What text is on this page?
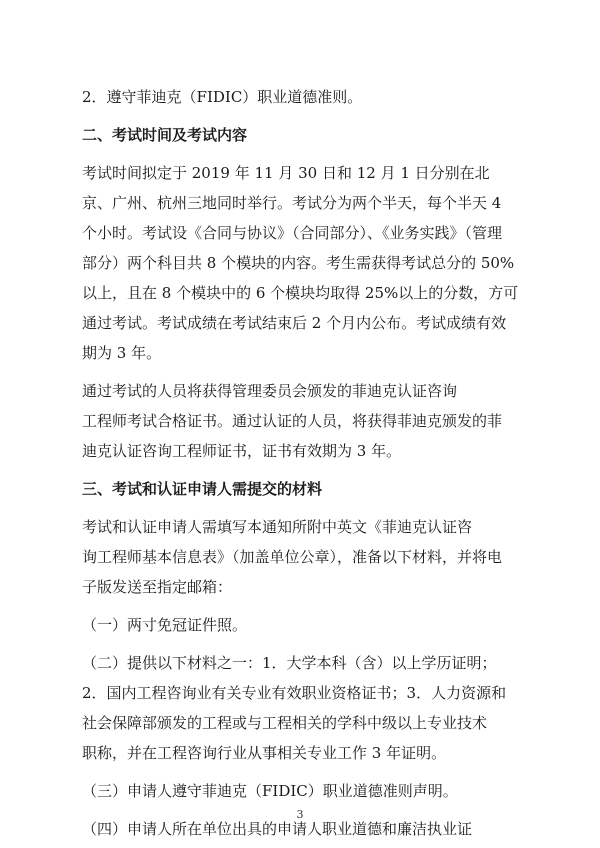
2．遵守菲迪克（FIDIC）职业道德准则。
二、考试时间及考试内容
考试时间拟定于 2019 年 11 月 30 日和 12 月 1 日分别在北
京、广州、杭州三地同时举行。考试分为两个半天，每个半天 4
个小时。考试设《合同与协议》（合同部分）、《业务实践》（管理
部分）两个科目共 8 个模块的内容。考生需获得考试总分的 50%
以上，且在 8 个模块中的 6 个模块均取得 25%以上的分数，方可
通过考试。考试成绩在考试结束后 2 个月内公布。考试成绩有效
期为 3 年。
通过考试的人员将获得管理委员会颁发的菲迪克认证咨询
工程师考试合格证书。通过认证的人员，将获得菲迪克颁发的菲
迪克认证咨询工程师证书，证书有效期为 3 年。
三、考试和认证申请人需提交的材料
考试和认证申请人需填写本通知所附中英文《菲迪克认证咨
询工程师基本信息表》（加盖单位公章），准备以下材料，并将电
子版发送至指定邮箱：
（一）两寸免冠证件照。
（二）提供以下材料之一：1．大学本科（含）以上学历证明；
2．国内工程咨询业有关专业有效职业资格证书；3．人力资源和
社会保障部颁发的工程或与工程相关的学科中级以上专业技术
职称，并在工程咨询行业从事相关专业工作 3 年证明。
（三）申请人遵守菲迪克（FIDIC）职业道德准则声明。
（四）申请人所在单位出具的申请人职业道德和廉洁执业证
3
